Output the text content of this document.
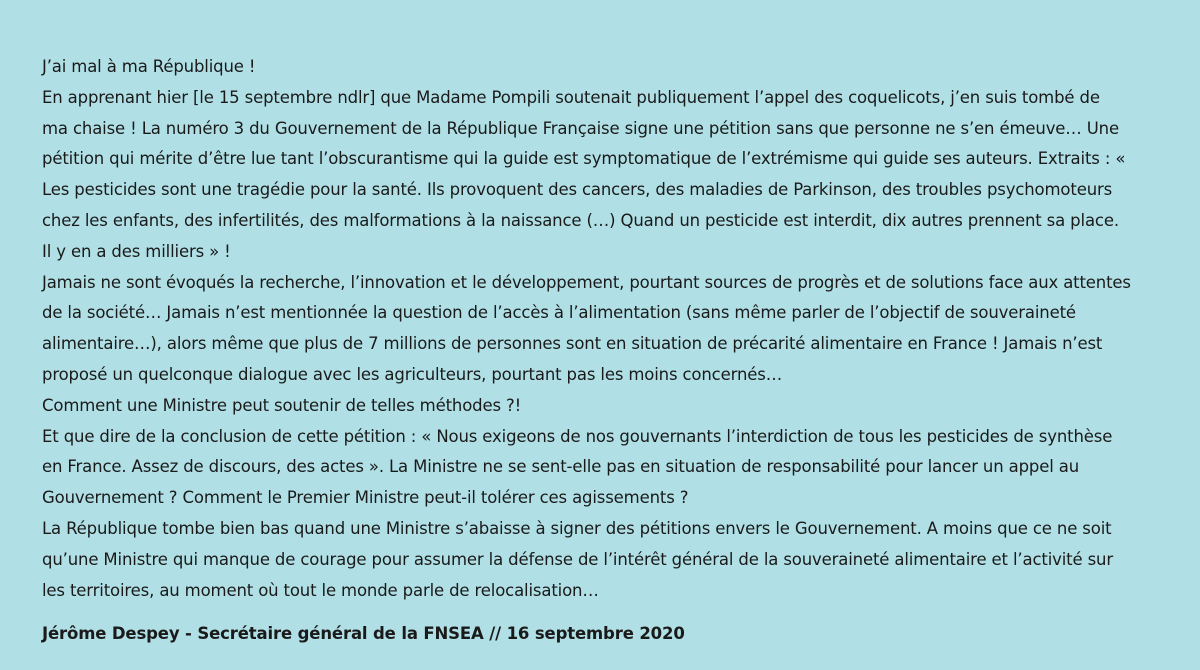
J’ai mal à ma République !
En apprenant hier [le 15 septembre ndlr] que Madame Pompili soutenait publiquement l’appel des coquelicots, j’en suis tombé de
ma chaise ! La numéro 3 du Gouvernement de la République Française signe une pétition sans que personne ne s’en émeuve… Une
pétition qui mérite d’être lue tant l’obscurantisme qui la guide est symptomatique de l’extrémisme qui guide ses auteurs. Extraits : «
Les pesticides sont une tragédie pour la santé. Ils provoquent des cancers, des maladies de Parkinson, des troubles psychomoteurs
chez les enfants, des infertilités, des malformations à la naissance (…) Quand un pesticide est interdit, dix autres prennent sa place.
Il y en a des milliers » !
Jamais ne sont évoqués la recherche, l’innovation et le développement, pourtant sources de progrès et de solutions face aux attentes
de la société… Jamais n’est mentionnée la question de l’accès à l’alimentation (sans même parler de l’objectif de souveraineté
alimentaire…), alors même que plus de 7 millions de personnes sont en situation de précarité alimentaire en France ! Jamais n’est
proposé un quelconque dialogue avec les agriculteurs, pourtant pas les moins concernés…
Comment une Ministre peut soutenir de telles méthodes ?!
Et que dire de la conclusion de cette pétition : « Nous exigeons de nos gouvernants l’interdiction de tous les pesticides de synthèse
en France. Assez de discours, des actes ». La Ministre ne se sent-elle pas en situation de responsabilité pour lancer un appel au
Gouvernement ? Comment le Premier Ministre peut-il tolérer ces agissements ?
La République tombe bien bas quand une Ministre s’abaisse à signer des pétitions envers le Gouvernement. A moins que ce ne soit
qu’une Ministre qui manque de courage pour assumer la défense de l’intérêt général de la souveraineté alimentaire et l’activité sur
les territoires, au moment où tout le monde parle de relocalisation…
Jérôme Despey - Secrétaire général de la FNSEA // 16 septembre 2020
